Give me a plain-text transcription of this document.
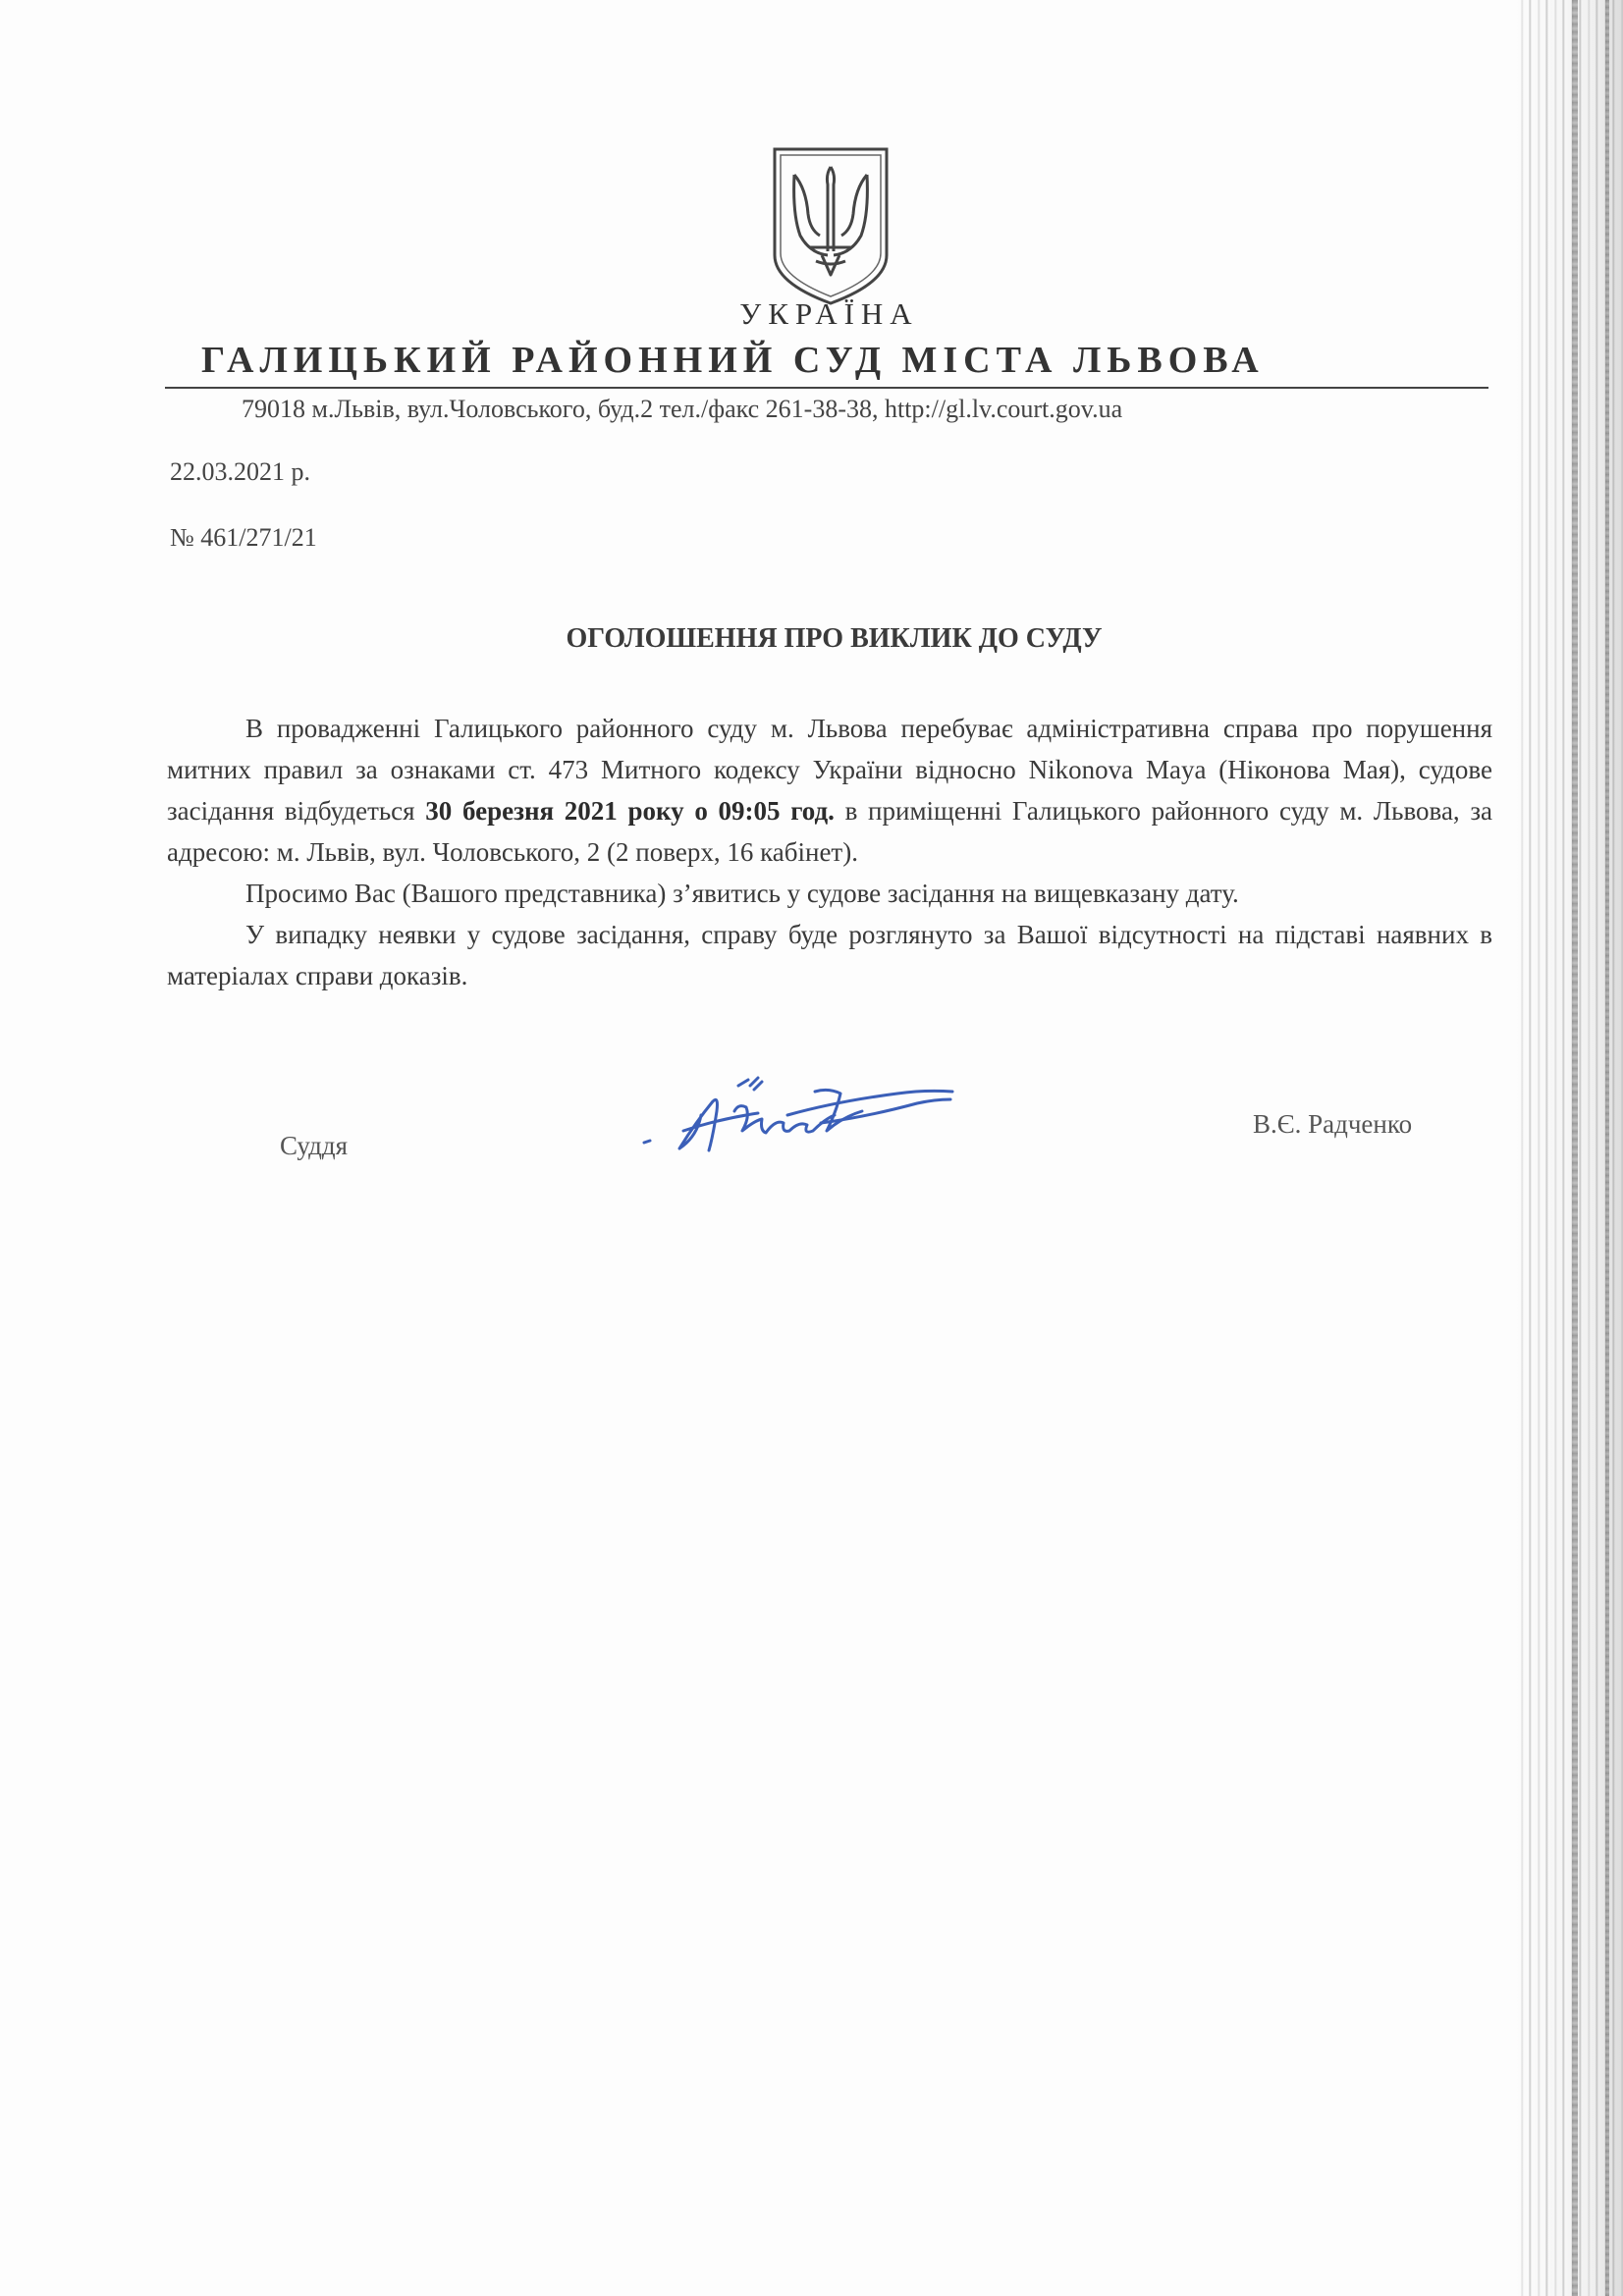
УКРАЇНА
ГАЛИЦЬКИЙ РАЙОННИЙ СУД МІСТА ЛЬВОВА
79018 м.Львів, вул.Чоловського, буд.2 тел./факс 261-38-38, http://gl.lv.court.gov.ua
22.03.2021 р.
№ 461/271/21
ОГОЛОШЕННЯ ПРО ВИКЛИК ДО СУДУ

В провадженні Галицького районного суду м. Львова перебуває адміністративна справа про порушення митних правил за ознаками ст. 473 Митного кодексу України відносно Nikonova Maya (Ніконова Мая), судове засідання відбудеться 30 березня 2021 року о 09:05 год. в приміщенні Галицького районного суду м. Львова, за адресою: м. Львів, вул. Чоловського, 2 (2 поверх, 16 кабінет).

Просимо Вас (Вашого представника) з’явитись у судове засідання на вищевказану дату.

У випадку неявки у судове засідання, справу буде розглянуто за Вашої відсутності на підставі наявних в матеріалах справи доказів.

Суддя
В.Є. Радченко
